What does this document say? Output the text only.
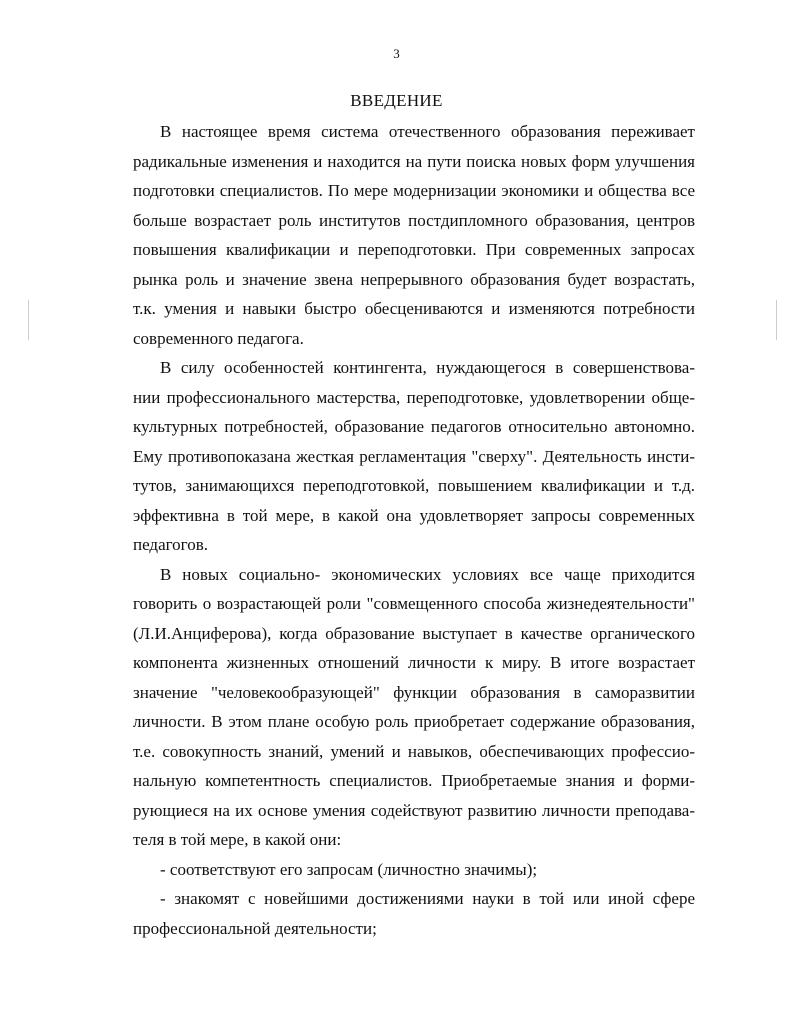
3
ВВЕДЕНИЕ

В настоящее время система отечественного образования переживает
радикальные изменения и находится на пути поиска новых форм улучшения
подготовки специалистов. По мере модернизации экономики и общества все
больше возрастает роль институтов постдипломного образования, центров
повышения квалификации и переподготовки. При современных запросах
рынка роль и значение звена непрерывного образования будет возрастать,
т.к. умения и навыки быстро обесцениваются и изменяются потребности
современного педагога.

В силу особенностей контингента, нуждающегося в совершенствова-
нии профессионального мастерства, переподготовке, удовлетворении обще-
культурных потребностей, образование педагогов относительно автономно.
Ему противопоказана жесткая регламентация "сверху". Деятельность инсти-
тутов, занимающихся переподготовкой, повышением квалификации и т.д.
эффективна в той мере, в какой она удовлетворяет запросы современных
педагогов.

В новых социально- экономических условиях все чаще приходится
говорить о возрастающей роли "совмещенного способа жизнедеятельности"
(Л.И.Анциферова), когда образование выступает в качестве органического
компонента жизненных отношений личности к миру. В итоге возрастает
значение "человекообразующей" функции образования в саморазвитии
личности. В этом плане особую роль приобретает содержание образования,
т.е. совокупность знаний, умений и навыков, обеспечивающих профессио-
нальную компетентность специалистов. Приобретаемые знания и форми-
рующиеся на их основе умения содействуют развитию личности преподава-
теля в той мере, в какой они:

- соответствуют его запросам (личностно значимы);

- знакомят с новейшими достижениями науки в той или иной сфере
профессиональной деятельности;
